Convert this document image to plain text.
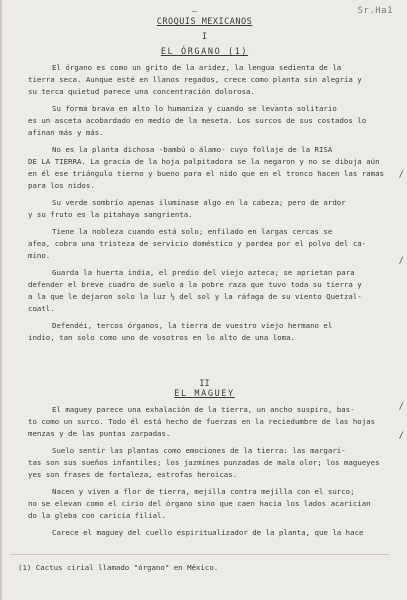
–	Sr.Ha1
CROQUIS MEXICANOS
I
EL ÓRGANO (1)
El órgano es como un grito de la aridez, la lengua sedienta de la
tierra seca. Aunque esté en llanos regados, crece como planta sin alegría y
su terca quietud parece una concentración dolorosa.
Su forma brava en alto lo humaniza y cuando se levanta solitario
es un asceta acobardado en medio de la meseta. Los surcos de sus costados lo
afinan más y más.
No es la planta dichosa -bambú o álamo- cuyo follaje de la RISA
DE LA TIERRA. La gracia de la hoja palpitadora se la negaron y no se dibuja aún
en él ese triángulo tierno y bueno para el nido que en el tronco hacen las ramas
para los nidos.
Su verde sombrío apenas ilumínase algo en la cabeza; pero de ardor
y su fruto es la pitahaya sangrienta.
Tiene la nobleza cuando está solo; enfilado en largas cercas se
afea, cobra una tristeza de servicio doméstico y pardea por el polvo del ca-
mino.
Guarda la huerta india, el predio del viejo azteca; se aprietan para
defender el breve cuadro de suelo a la pobre raza que tuvo toda su tierra y
a la que le dejaron solo la luz ½ del sol y la ráfaga de su viento Quetzal-
coatl.
Defendéi, tercos órganos, la tierra de vuestro viejo hermano el
indio, tan solo como uno de vosotros en lo alto de una loma.
II
EL MAGUEY
El maguey parece una exhalación de la tierra, un ancho suspiro, bas-
to como un surco. Todo él está hecho de fuerzas en la reciedumbre de las hojas
menzas y de las puntas zarpadas.
Suelo sentir las plantas como emociones de la tierra: las margari-
tas son sus sueños infantiles; los jazmines punzadas de mala olor; los magueyes
yes son frases de fortaleza, estrofas heroicas.
Nacen y viven a flor de tierra, mejilla contra mejilla con el surco;
no se elevan como el cirio del órgano sino que caen hacia los lados acarician
do la gleba con caricia filial.
Carece el maguey del cuello espiritualizador de la planta, que la hace
(1) Cactus cirial llamado "órgano" en México.
/
/
/
/
